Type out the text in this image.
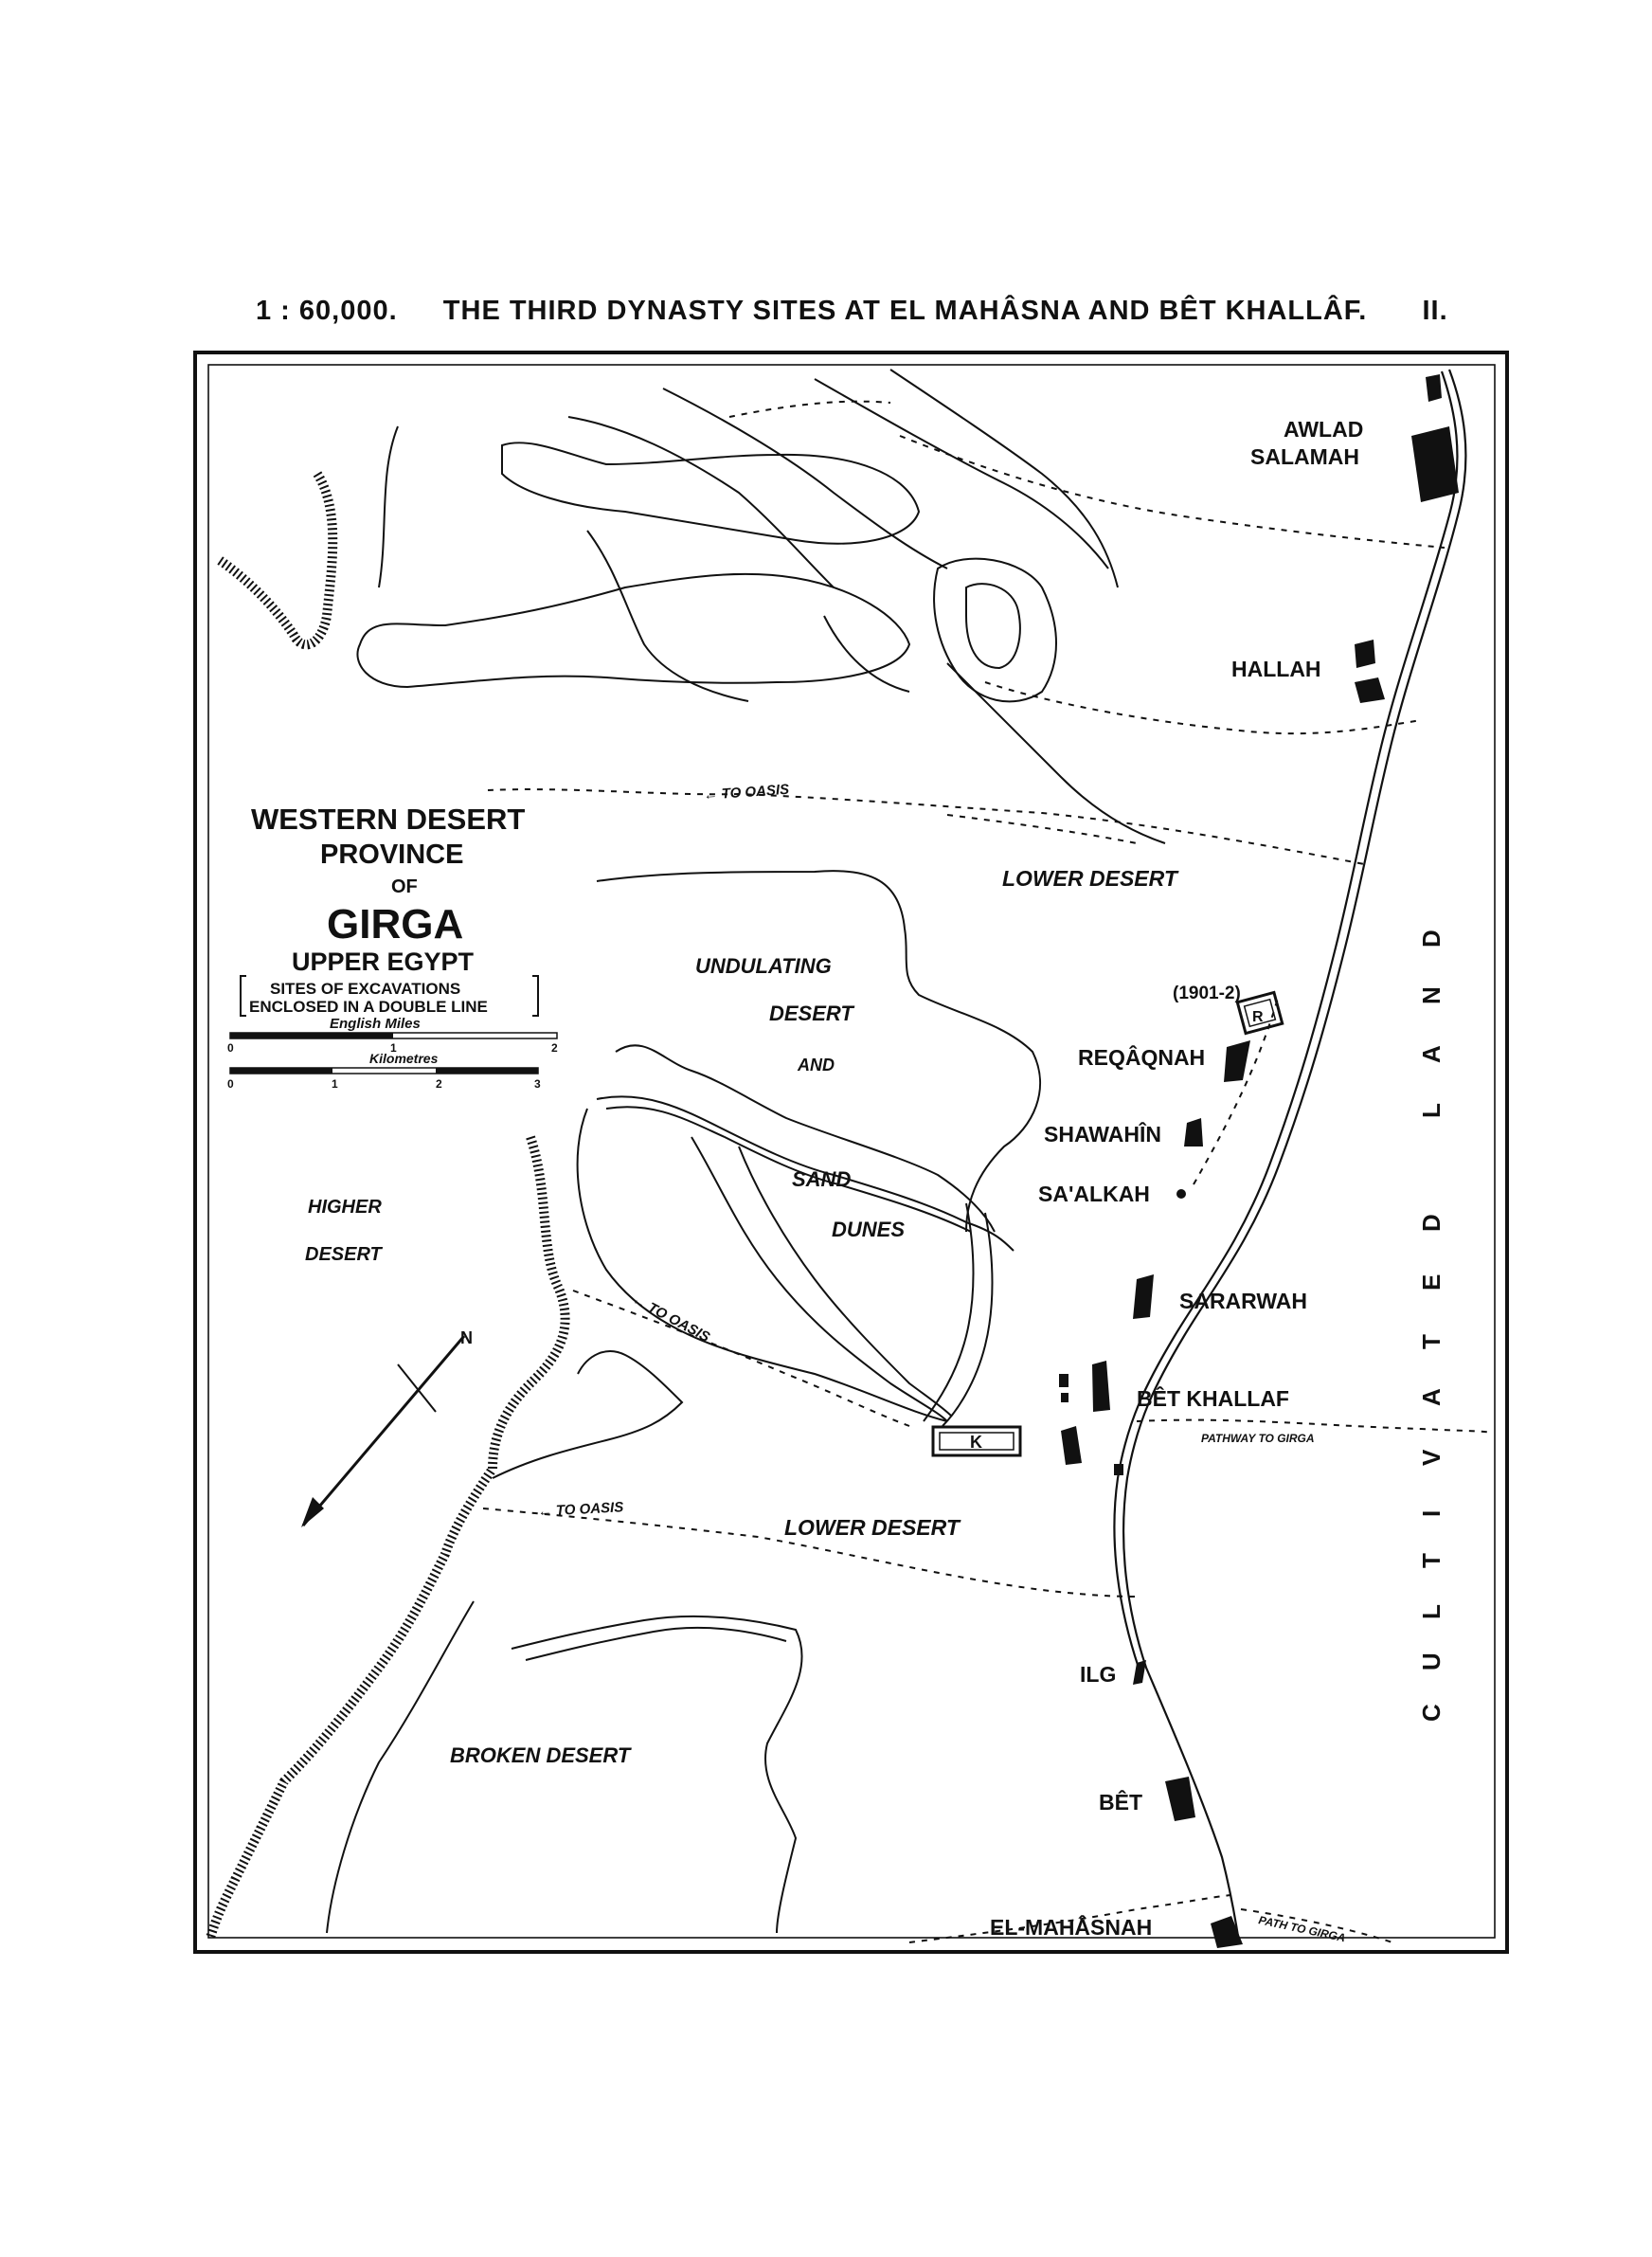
1 : 60,000. THE THIRD DYNASTY SITES AT EL MAHÂSNA AND BÊT KHALLÂF. II.
N
R
K
WESTERN DESERT
PROVINCE
OF
GIRGA
UPPER EGYPT
SITES OF EXCAVATIONS
ENCLOSED IN A DOUBLE LINE
English Miles
0	1	2
Kilometres
0	1	2	3
AWLAD
SALAMAH
HALLAH
(1901-2)
REQÂQNAH
SHAWAHÎN
SA'ALKAH
SARARWAH
BÊT KHALLAF
ILG
BÊT
EL-MAHÂSNAH
LOWER DESERT
UNDULATING
DESERT
AND
SAND
DUNES
HIGHER
DESERT
LOWER DESERT
BROKEN DESERT
← TO OASIS
← TO OASIS
← TO OASIS
PATHWAY TO GIRGA
PATH TO GIRGA
C
U
L
T
I
V
A
T
E
D
L
A
N
D
